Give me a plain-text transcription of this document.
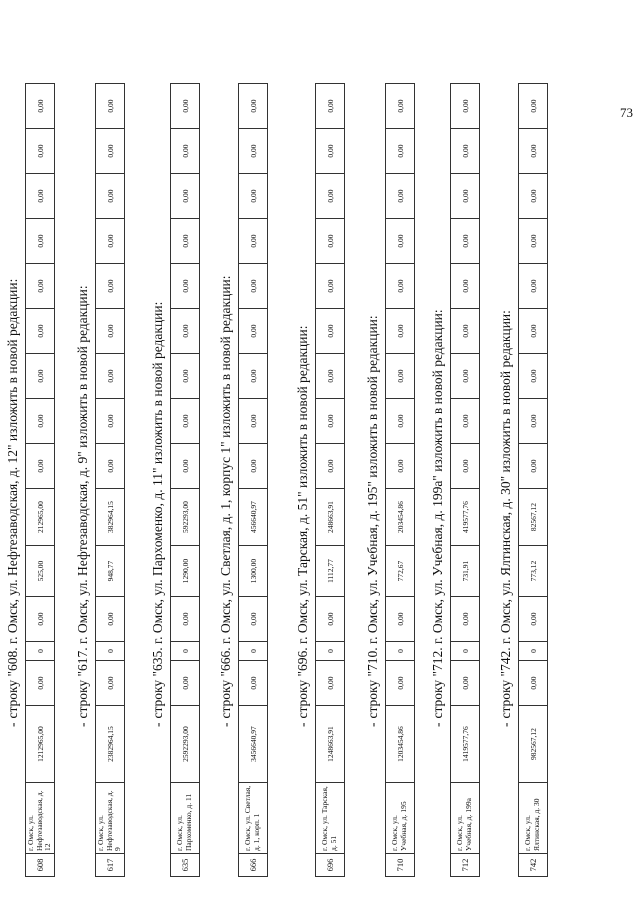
73
-строку "608. г. Омск, ул. Нефтезаводская, д. 12" изложить в новой редакции:
608	г. Омск, ул. Нефтезаводская, д. 12	1212965,00	0,00	0	0,00	525,00	212965,00	0,00	0,00	0,00	0,00	0,00	0,00	0,00	0,00	0,00
-строку "617. г. Омск, ул. Нефтезаводская, д. 9" изложить в новой редакции:
617	г. Омск, ул. Нефтезаводская, д. 9	2382964,15	0,00	0	0,00	948,77	382964,15	0,00	0,00	0,00	0,00	0,00	0,00	0,00	0,00	0,00
-строку "635. г. Омск, ул. Пархоменко, д. 11" изложить в новой редакции:
635	г. Омск, ул. Пархоменко, д. 11	2592293,00	0,00	0	0,00	1290,00	592293,00	0,00	0,00	0,00	0,00	0,00	0,00	0,00	0,00	0,00
-строку "666. г. Омск, ул. Светлая, д. 1, корпус 1" изложить в новой редакции:
666	г. Омск, ул. Светлая, д. 1, корп. 1	3456640,97	0,00	0	0,00	1300,00	456640,97	0,00	0,00	0,00	0,00	0,00	0,00	0,00	0,00	0,00
-строку "696. г. Омск, ул. Тарская, д. 51" изложить в новой редакции:
696	г. Омск, ул. Тарская, д. 51	1248663,91	0,00	0	0,00	1112,77	248663,91	0,00	0,00	0,00	0,00	0,00	0,00	0,00	0,00	0,00
-строку "710. г. Омск, ул. Учебная, д. 195" изложить в новой редакции:
710	г. Омск, ул. Учебная, д. 195	1203454,86	0,00	0	0,00	772,67	203454,86	0,00	0,00	0,00	0,00	0,00	0,00	0,00	0,00	0,00
-строку "712. г. Омск, ул. Учебная, д. 199а" изложить в новой редакции:
712	г. Омск, ул. Учебная, д. 199а	1419577,76	0,00	0	0,00	731,91	419577,76	0,00	0,00	0,00	0,00	0,00	0,00	0,00	0,00	0,00
-строку "742. г. Омск, ул. Ялтинская, д. 30" изложить в новой редакции:
742	г. Омск, ул. Ялтинская, д. 30	982567,12	0,00	0	0,00	773,12	82567,12	0,00	0,00	0,00	0,00	0,00	0,00	0,00	0,00	0,00
